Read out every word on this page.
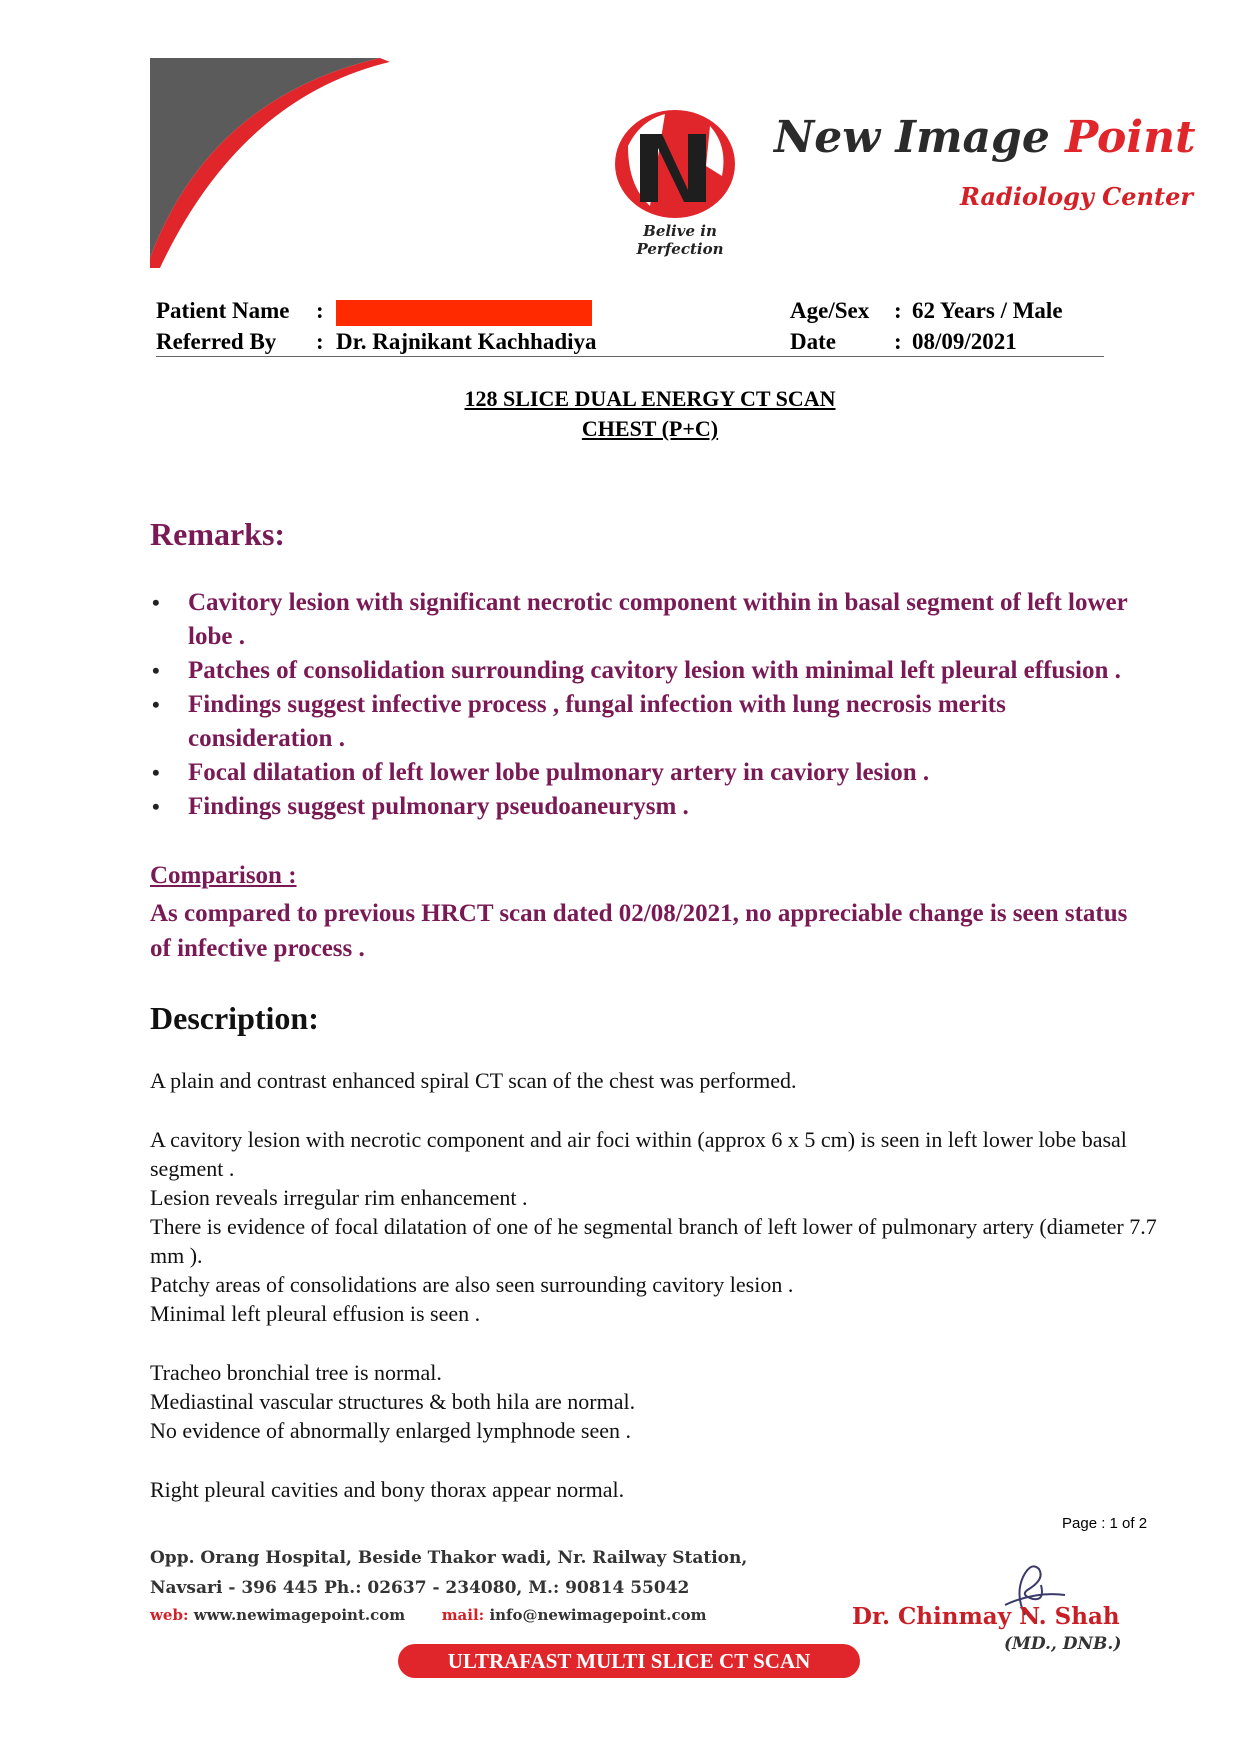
Belive in Perfection
New Image Point
Radiology Center
Patient Name :
Referred By : Dr. Rajnikant Kachhadiya
Age/Sex : 62 Years / Male
Date	: 08/09/2021
128 SLICE DUAL ENERGY CT SCAN
CHEST (P+C)
Remarks:
• Cavitory lesion with significant necrotic component within in basal segment of left lower lobe .
• Patches of consolidation surrounding cavitory lesion with minimal left pleural effusion .
• Findings suggest infective process , fungal infection with lung necrosis merits consideration .
• Focal dilatation of left lower lobe pulmonary artery in caviory lesion .
• Findings suggest pulmonary pseudoaneurysm .
Comparison :
As compared to previous HRCT scan dated 02/08/2021, no appreciable change is seen status of infective process .
Description:
A plain and contrast enhanced spiral CT scan of the chest was performed.
A cavitory lesion with necrotic component and air foci within (approx 6 x 5 cm) is seen in left lower lobe basal segment .
Lesion reveals irregular rim enhancement .
There is evidence of focal dilatation of one of he segmental branch of left lower of pulmonary artery (diameter 7.7 mm ).
Patchy areas of consolidations are also seen surrounding cavitory lesion .
Minimal left pleural effusion is seen .
Tracheo bronchial tree is normal.
Mediastinal vascular structures & both hila are normal.
No evidence of abnormally enlarged lymphnode seen .
Right pleural cavities and bony thorax appear normal.
Page : 1 of 2
Opp. Orang Hospital, Beside Thakor wadi, Nr. Railway Station,
Navsari - 396 445 Ph.: 02637 - 234080, M.: 90814 55042
web: www.newimagepoint.com mail: info@newimagepoint.com	Dr. Chinmay N. Shah
(MD., DNB.)
ULTRAFAST MULTI SLICE CT SCAN
